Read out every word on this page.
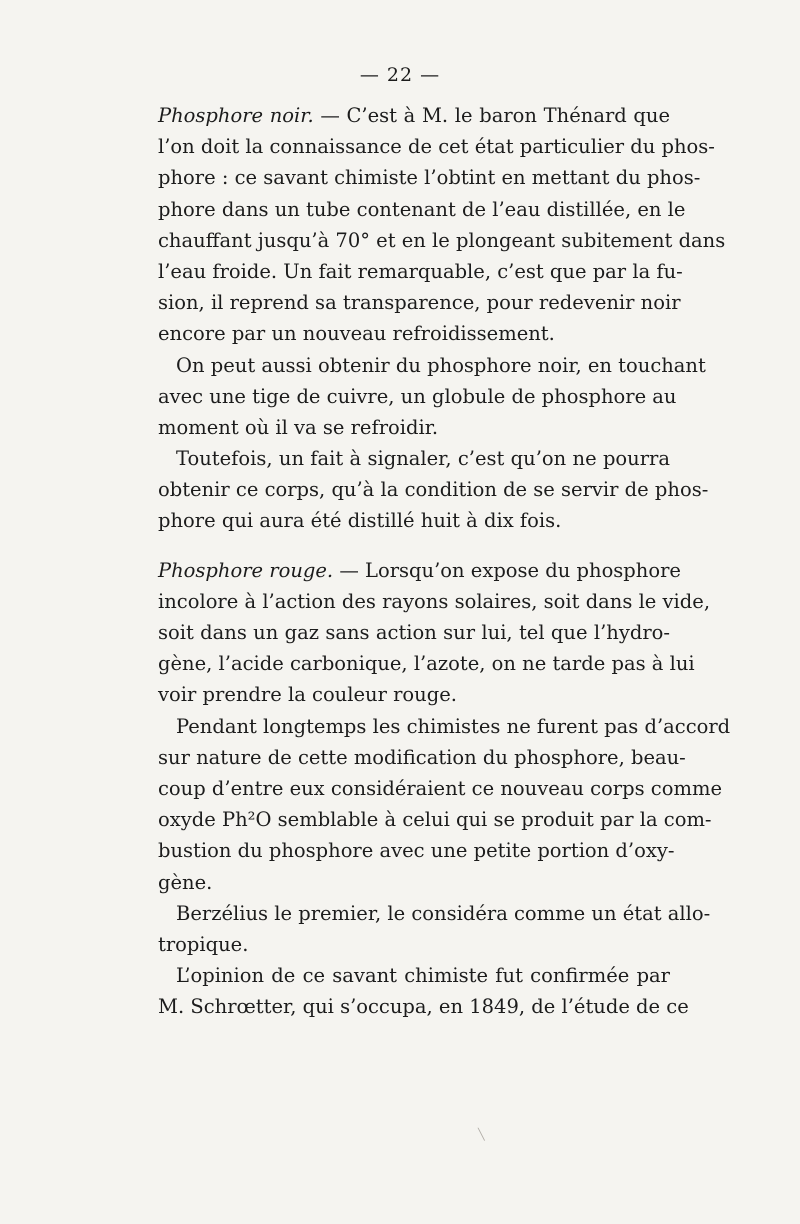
— 22 —
Phosphore noir. — C’est à M. le baron Thénard que
l’on doit la connaissance de cet état particulier du phos-
phore : ce savant chimiste l’obtint en mettant du phos-
phore dans un tube contenant de l’eau distillée, en le
chauffant jusqu’à 70° et en le plongeant subitement dans
l’eau froide. Un fait remarquable, c’est que par la fu-
sion, il reprend sa transparence, pour redevenir noir
encore par un nouveau refroidissement.
On peut aussi obtenir du phosphore noir, en touchant
avec une tige de cuivre, un globule de phosphore au
moment où il va se refroidir.
Toutefois, un fait à signaler, c’est qu’on ne pourra
obtenir ce corps, qu’à la condition de se servir de phos-
phore qui aura été distillé huit à dix fois.
Phosphore rouge. — Lorsqu’on expose du phosphore
incolore à l’action des rayons solaires, soit dans le vide,
soit dans un gaz sans action sur lui, tel que l’hydro-
gène, l’acide carbonique, l’azote, on ne tarde pas à lui
voir prendre la couleur rouge.
Pendant longtemps les chimistes ne furent pas d’accord
sur nature de cette modification du phosphore, beau-
coup d’entre eux considéraient ce nouveau corps comme
oxyde Ph²O semblable à celui qui se produit par la com-
bustion du phosphore avec une petite portion d’oxy-
gène.
Berzélius le premier, le considéra comme un état allo-
tropique.
L’opinion de ce savant chimiste fut confirmée par
M. Schrœtter, qui s’occupa, en 1849, de l’étude de ce
╲
